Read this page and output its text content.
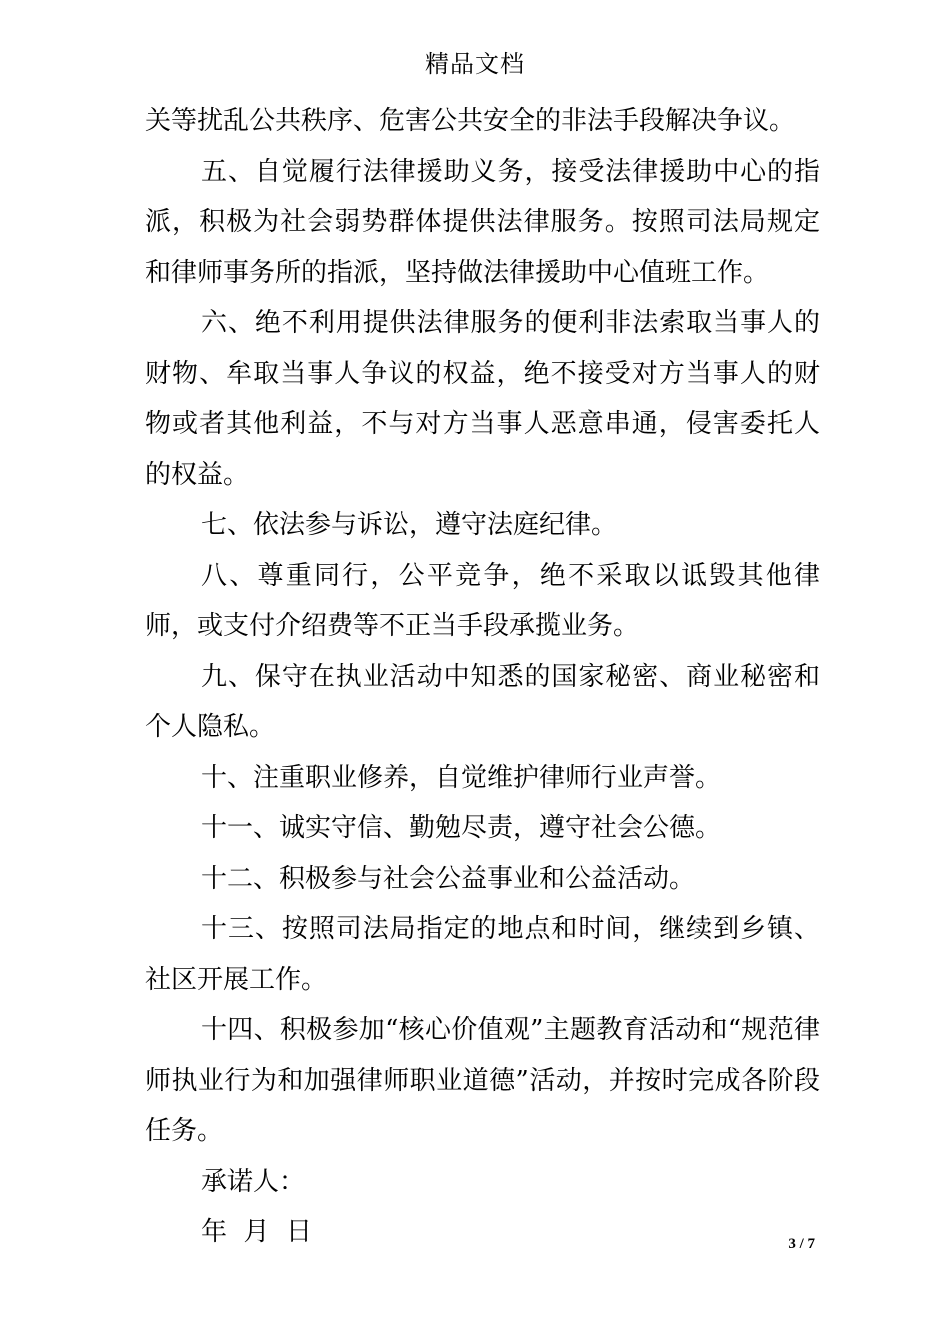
精品文档

关等扰乱公共秩序、危害公共安全的非法手段解决争议。

五、自觉履行法律援助义务，接受法律援助中心的指派，积极为社会弱势群体提供法律服务。按照司法局规定和律师事务所的指派，坚持做法律援助中心值班工作。

六、绝不利用提供法律服务的便利非法索取当事人的财物、牟取当事人争议的权益，绝不接受对方当事人的财物或者其他利益，不与对方当事人恶意串通，侵害委托人的权益。

七、依法参与诉讼，遵守法庭纪律。

八、尊重同行，公平竞争，绝不采取以诋毁其他律师，或支付介绍费等不正当手段承揽业务。

九、保守在执业活动中知悉的国家秘密、商业秘密和个人隐私。

十、注重职业修养，自觉维护律师行业声誉。

十一、诚实守信、勤勉尽责，遵守社会公德。

十二、积极参与社会公益事业和公益活动。

十三、按照司法局指定的地点和时间，继续到乡镇、社区开展工作。

十四、积极参加“核心价值观”主题教育活动和“规范律师执业行为和加强律师职业道德”活动，并按时完成各阶段任务。

承诺人：

年  月  日	3 / 7
